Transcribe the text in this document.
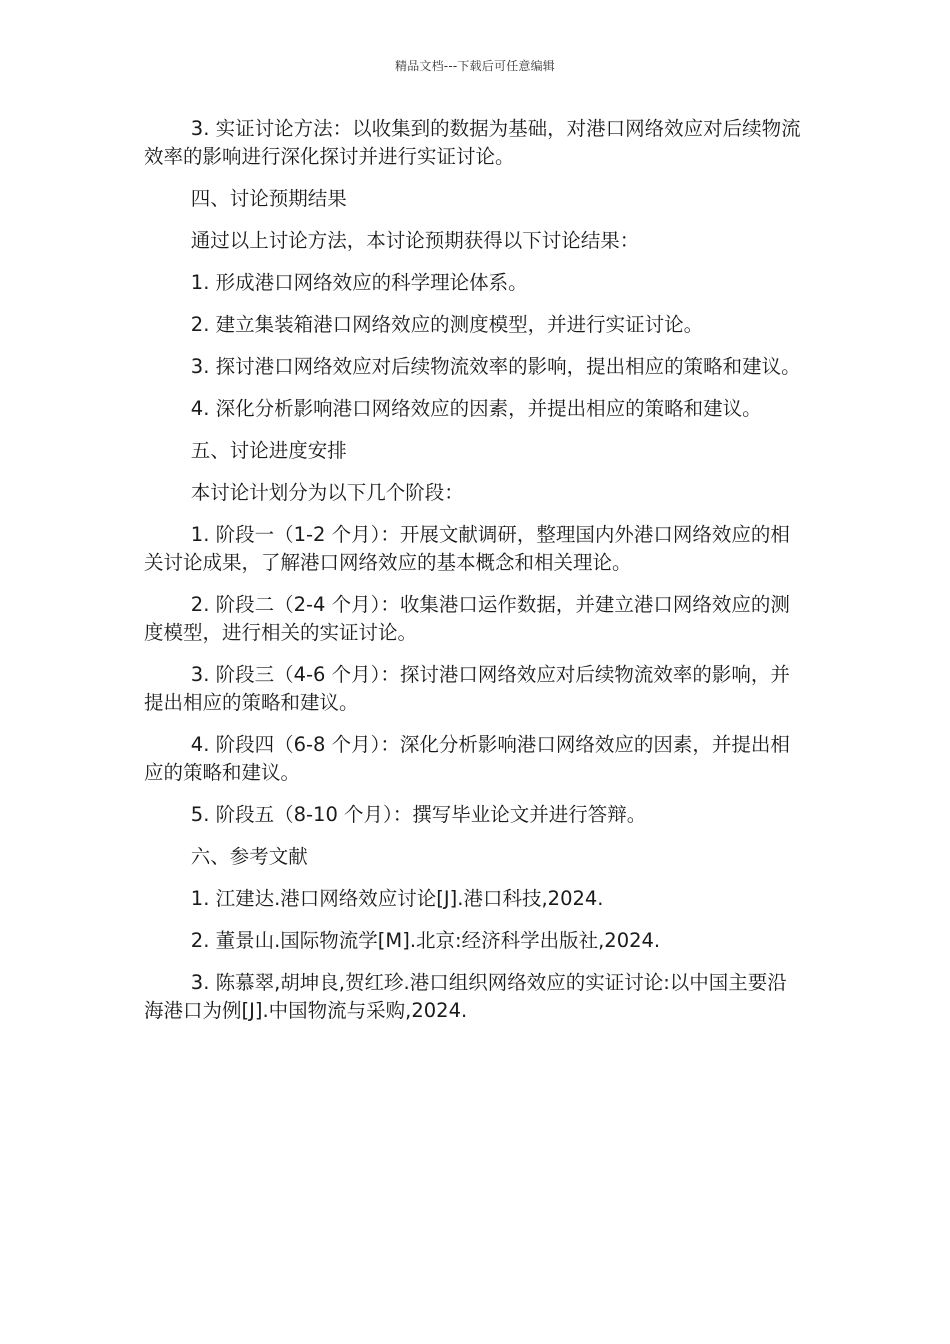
精品文档---下载后可任意编辑

3. 实证讨论方法：以收集到的数据为基础，对港口网络效应对后续物流效率的影响进行深化探讨并进行实证讨论。

四、讨论预期结果

通过以上讨论方法，本讨论预期获得以下讨论结果：

1. 形成港口网络效应的科学理论体系。

2. 建立集装箱港口网络效应的测度模型，并进行实证讨论。

3. 探讨港口网络效应对后续物流效率的影响，提出相应的策略和建议。

4. 深化分析影响港口网络效应的因素，并提出相应的策略和建议。

五、讨论进度安排

本讨论计划分为以下几个阶段：

1. 阶段一（1-2 个月）：开展文献调研，整理国内外港口网络效应的相关讨论成果，了解港口网络效应的基本概念和相关理论。

2. 阶段二（2-4 个月）：收集港口运作数据，并建立港口网络效应的测度模型，进行相关的实证讨论。

3. 阶段三（4-6 个月）：探讨港口网络效应对后续物流效率的影响，并提出相应的策略和建议。

4. 阶段四（6-8 个月）：深化分析影响港口网络效应的因素，并提出相应的策略和建议。

5. 阶段五（8-10 个月）：撰写毕业论文并进行答辩。

六、参考文献

1. 江建达.港口网络效应讨论[J].港口科技,2024.

2. 董景山.国际物流学[M].北京:经济科学出版社,2024.

3. 陈慕翠,胡坤良,贺红珍.港口组织网络效应的实证讨论:以中国主要沿海港口为例[J].中国物流与采购,2024.
